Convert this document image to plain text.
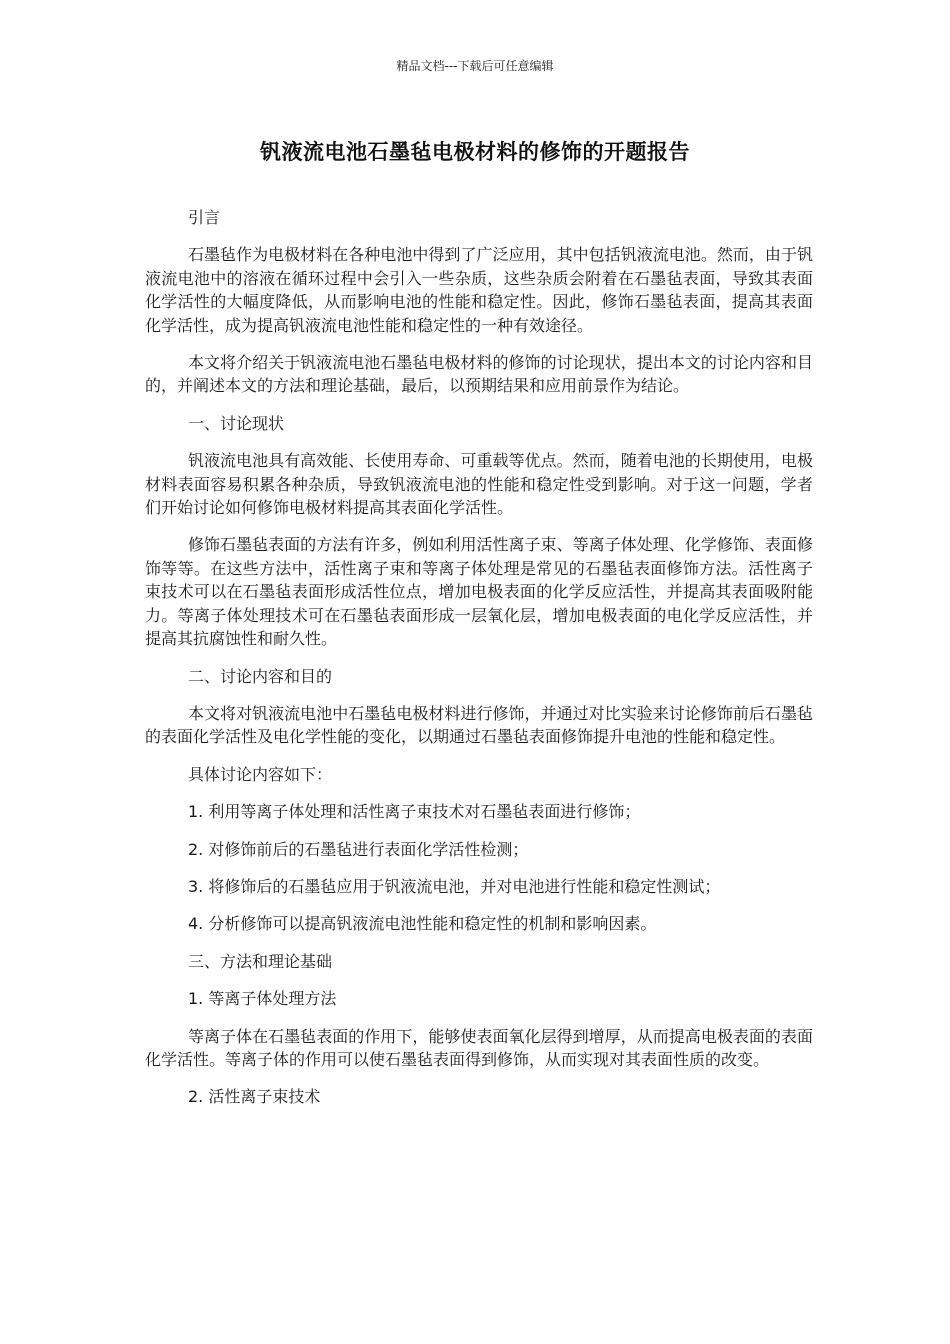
精品文档---下载后可任意编辑
钒液流电池石墨毡电极材料的修饰的开题报告

引言

石墨毡作为电极材料在各种电池中得到了广泛应用，其中包括钒液流电池。然而，由于钒液流电池中的溶液在循环过程中会引入一些杂质，这些杂质会附着在石墨毡表面，导致其表面化学活性的大幅度降低，从而影响电池的性能和稳定性。因此，修饰石墨毡表面，提高其表面化学活性，成为提高钒液流电池性能和稳定性的一种有效途径。

本文将介绍关于钒液流电池石墨毡电极材料的修饰的讨论现状，提出本文的讨论内容和目的，并阐述本文的方法和理论基础，最后，以预期结果和应用前景作为结论。

一、讨论现状

钒液流电池具有高效能、长使用寿命、可重载等优点。然而，随着电池的长期使用，电极材料表面容易积累各种杂质，导致钒液流电池的性能和稳定性受到影响。对于这一问题，学者们开始讨论如何修饰电极材料提高其表面化学活性。

修饰石墨毡表面的方法有许多，例如利用活性离子束、等离子体处理、化学修饰、表面修饰等等。在这些方法中，活性离子束和等离子体处理是常见的石墨毡表面修饰方法。活性离子束技术可以在石墨毡表面形成活性位点，增加电极表面的化学反应活性，并提高其表面吸附能力。等离子体处理技术可在石墨毡表面形成一层氧化层，增加电极表面的电化学反应活性，并提高其抗腐蚀性和耐久性。

二、讨论内容和目的

本文将对钒液流电池中石墨毡电极材料进行修饰，并通过对比实验来讨论修饰前后石墨毡的表面化学活性及电化学性能的变化，以期通过石墨毡表面修饰提升电池的性能和稳定性。

具体讨论内容如下：

1. 利用等离子体处理和活性离子束技术对石墨毡表面进行修饰；

2. 对修饰前后的石墨毡进行表面化学活性检测；

3. 将修饰后的石墨毡应用于钒液流电池，并对电池进行性能和稳定性测试；

4. 分析修饰可以提高钒液流电池性能和稳定性的机制和影响因素。

三、方法和理论基础

1. 等离子体处理方法

等离子体在石墨毡表面的作用下，能够使表面氧化层得到增厚，从而提高电极表面的表面化学活性。等离子体的作用可以使石墨毡表面得到修饰，从而实现对其表面性质的改变。

2. 活性离子束技术
